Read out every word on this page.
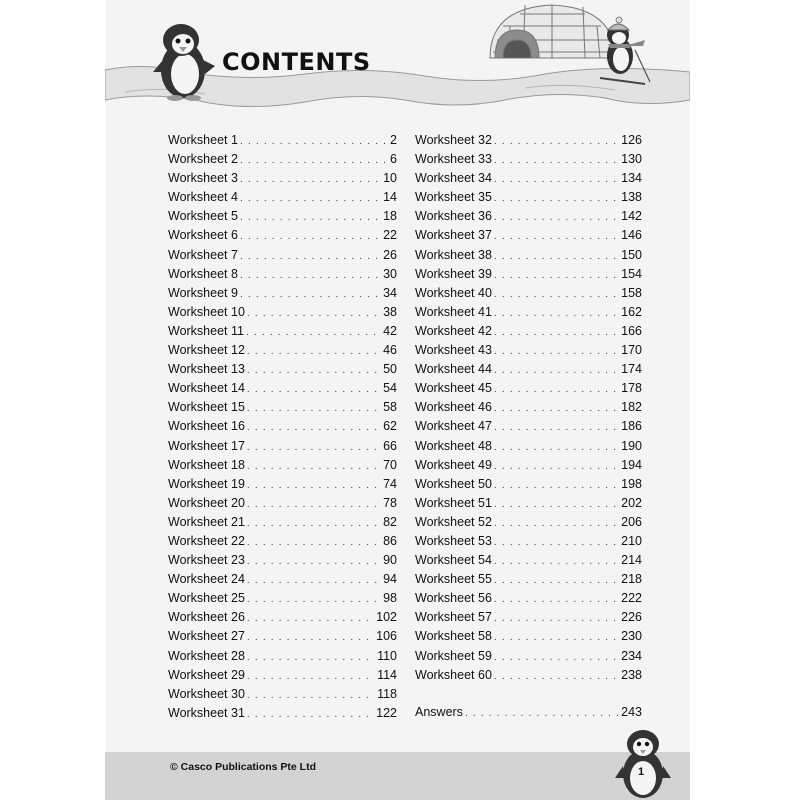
CONTENTS
Worksheet 1 . . .	2
Worksheet 2 . . .	6
Worksheet 3 . . .	10
Worksheet 4 . . .	14
Worksheet 5 . . .	18
Worksheet 6 . . .	22
Worksheet 7 . . .	26
Worksheet 8 . . .	30
Worksheet 9 . . .	34
Worksheet 10 . . .	38
Worksheet 11 . . .	42
Worksheet 12 . . .	46
Worksheet 13 . . .	50
Worksheet 14 . . .	54
Worksheet 15 . . .	58
Worksheet 16 . . .	62
Worksheet 17 . . .	66
Worksheet 18 . . .	70
Worksheet 19 . . .	74
Worksheet 20 . . .	78
Worksheet 21 . . .	82
Worksheet 22 . . .	86
Worksheet 23 . . .	90
Worksheet 24 . . .	94
Worksheet 25 . . .	98
Worksheet 26 . . .	102
Worksheet 27 . . .	106
Worksheet 28 . . .	110
Worksheet 29 . . .	114
Worksheet 30 . . .	118
Worksheet 31 . . .	122
Worksheet 32 . . .	126
Worksheet 33 . . .	130
Worksheet 34 . . .	134
Worksheet 35 . . .	138
Worksheet 36 . . .	142
Worksheet 37 . . .	146
Worksheet 38 . . .	150
Worksheet 39 . . .	154
Worksheet 40 . . .	158
Worksheet 41 . . .	162
Worksheet 42 . . .	166
Worksheet 43 . . .	170
Worksheet 44 . . .	174
Worksheet 45 . . .	178
Worksheet 46 . . .	182
Worksheet 47 . . .	186
Worksheet 48 . . .	190
Worksheet 49 . . .	194
Worksheet 50 . . .	198
Worksheet 51 . . .	202
Worksheet 52 . . .	206
Worksheet 53 . . .	210
Worksheet 54 . . .	214
Worksheet 55 . . .	218
Worksheet 56 . . .	222
Worksheet 57 . . .	226
Worksheet 58 . . .	230
Worksheet 59 . . .	234
Worksheet 60 . . .	238
Answers . . .	243
© Casco Publications Pte Ltd	1
